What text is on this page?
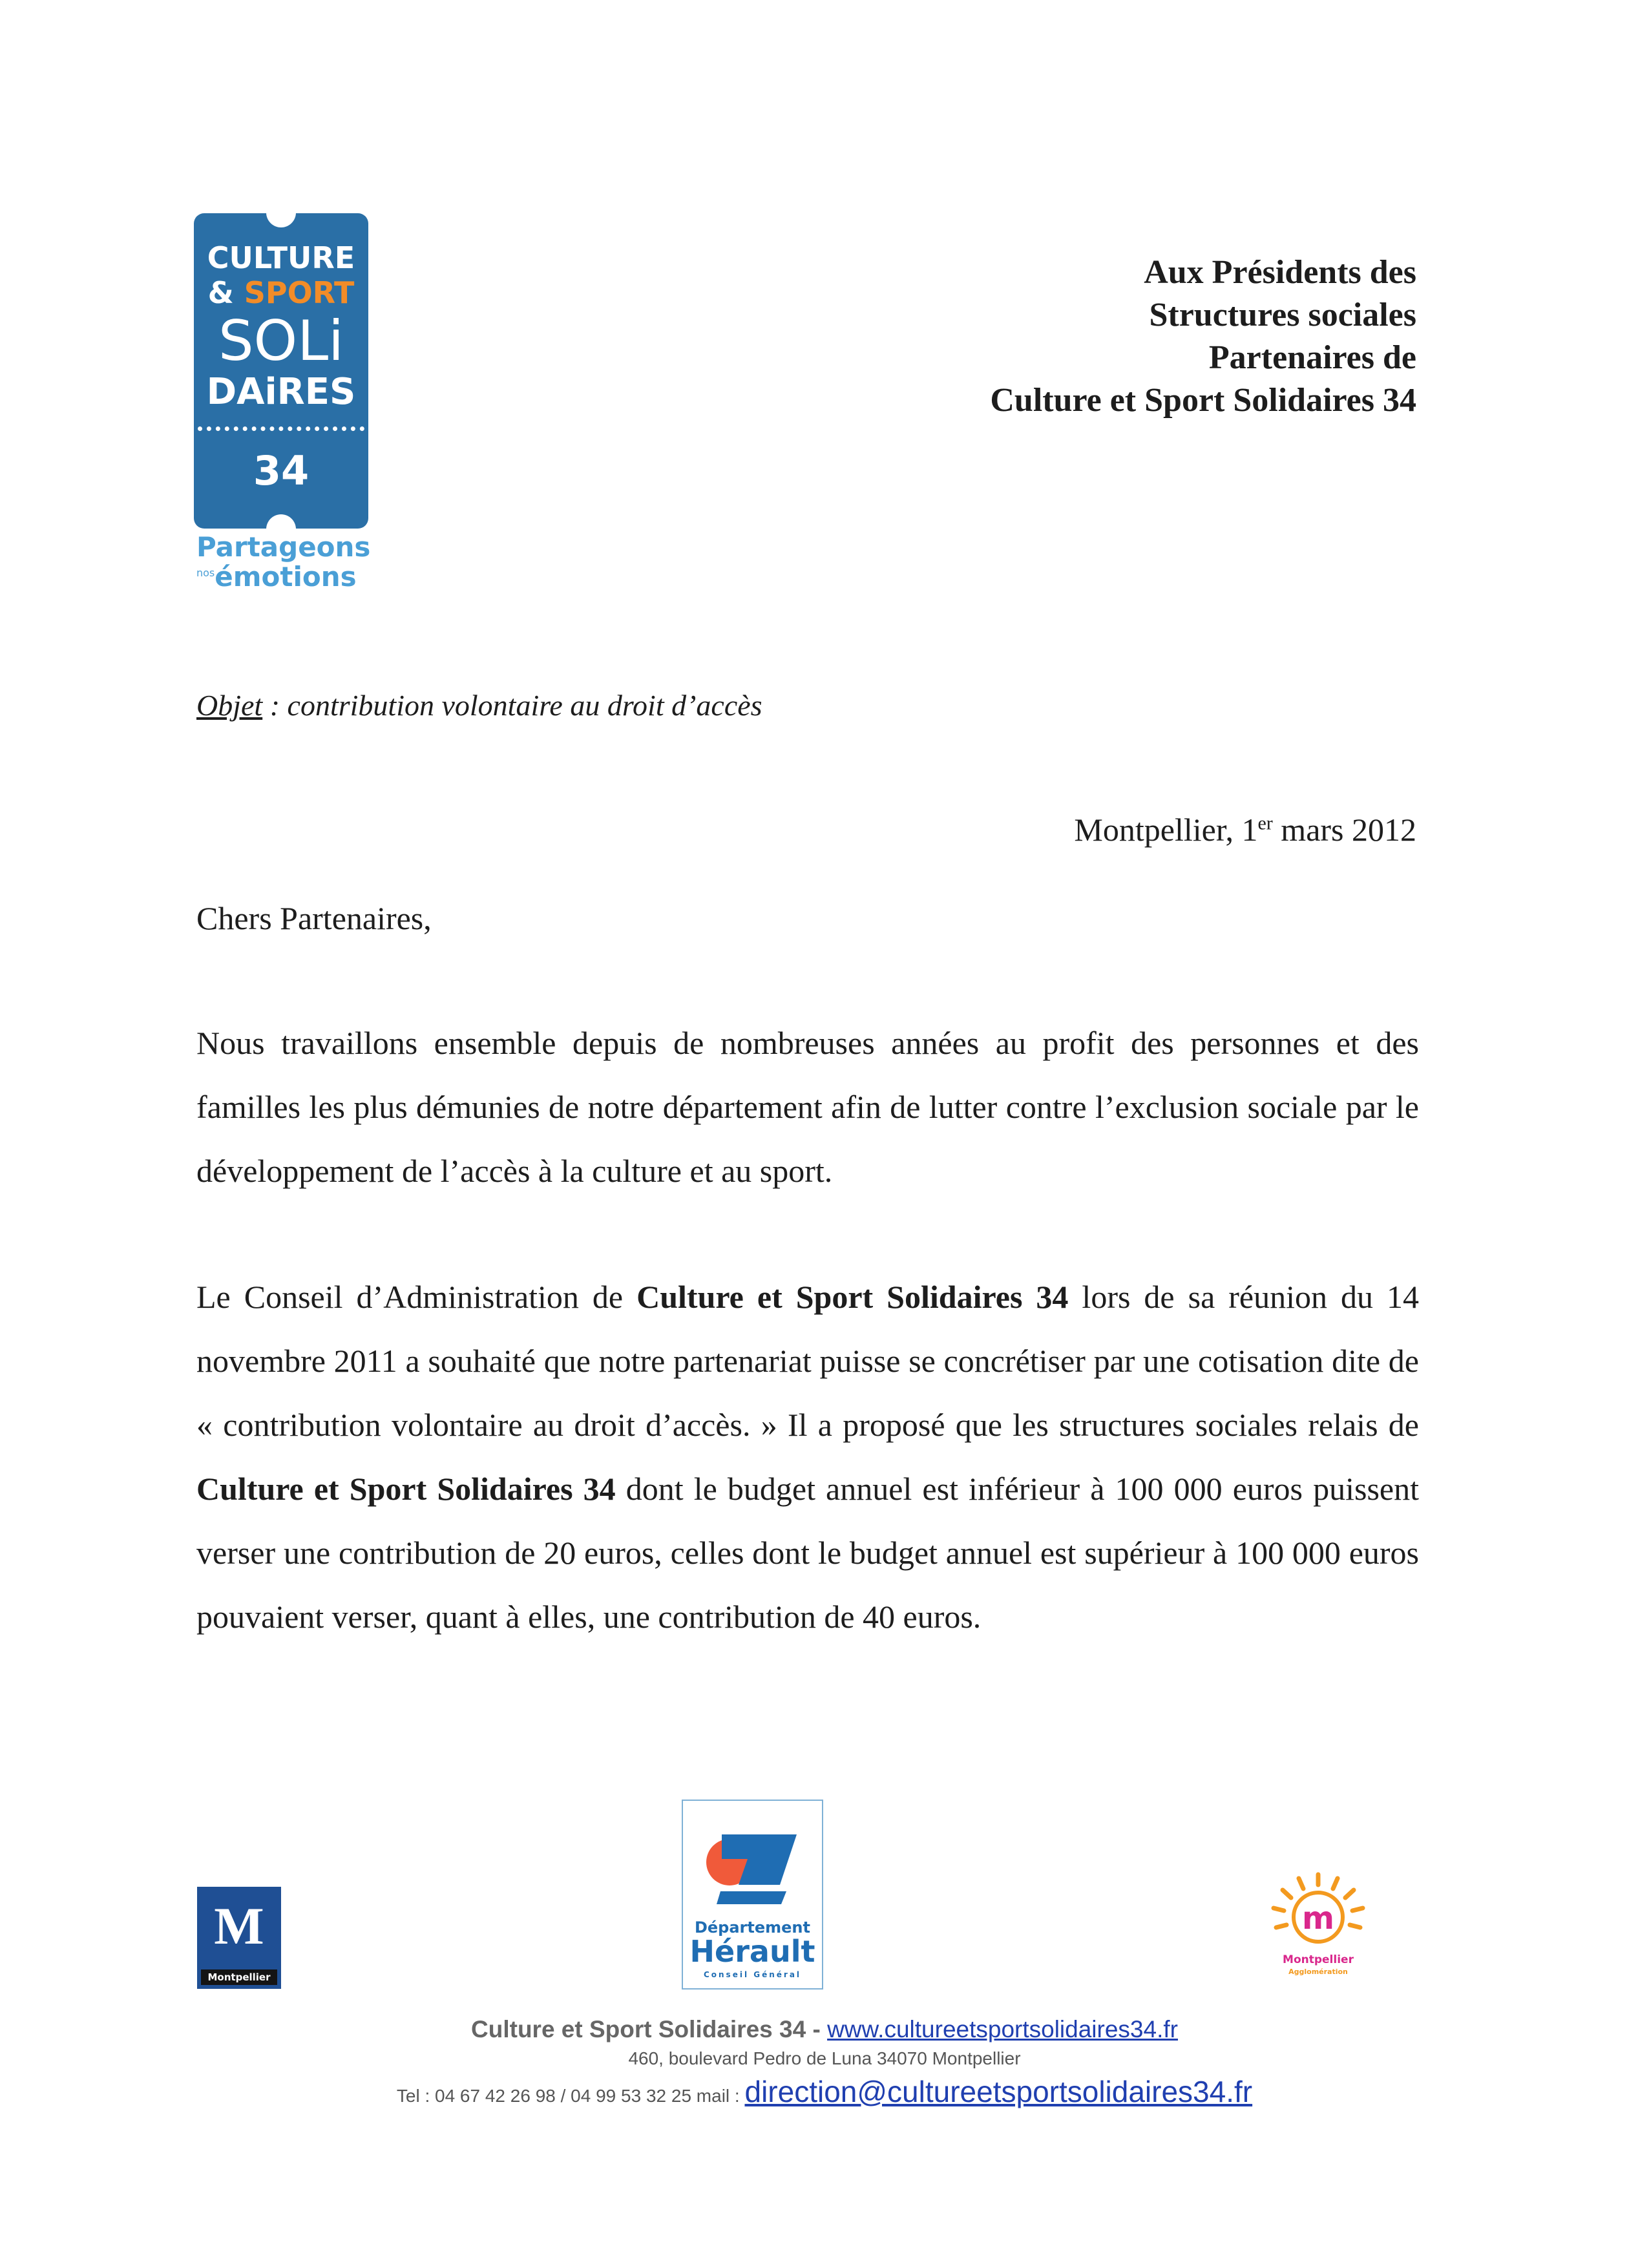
CULTURE
& SPORT
SOLi
DAiRES
34
Partageons
$^{nos}$émotions
Aux Présidents des
Structures sociales
Partenaires de
Culture et Sport Solidaires 34
Objet : contribution volontaire au droit d’accès
Montpellier, 1er mars 2012
Chers Partenaires,
Nous travaillons ensemble depuis de nombreuses années au profit des personnes et des familles les plus démunies de notre département afin de lutter contre l’exclusion sociale par le développement de l’accès à la culture et au sport.
Le Conseil d’Administration de Culture et Sport Solidaires 34 lors de sa réunion du 14 novembre 2011 a souhaité que notre partenariat puisse se concrétiser par une cotisation dite de « contribution volontaire au droit d’accès. » Il a proposé que les structures sociales relais de Culture et Sport Solidaires 34 dont le budget annuel est inférieur à 100 000 euros puissent verser une contribution de 20 euros, celles dont le budget annuel est supérieur à 100 000 euros pouvaient verser, quant à elles, une contribution de 40 euros.
M
Montpellier
Département
Hérault
Conseil Général
m
Montpellier
Agglomération
Culture et Sport Solidaires 34 - www.cultureetsportsolidaires34.fr
460, boulevard Pedro de Luna 34070 Montpellier
Tel : 04 67 42 26 98 / 04 99 53 32 25 mail : direction@cultureetsportsolidaires34.fr
